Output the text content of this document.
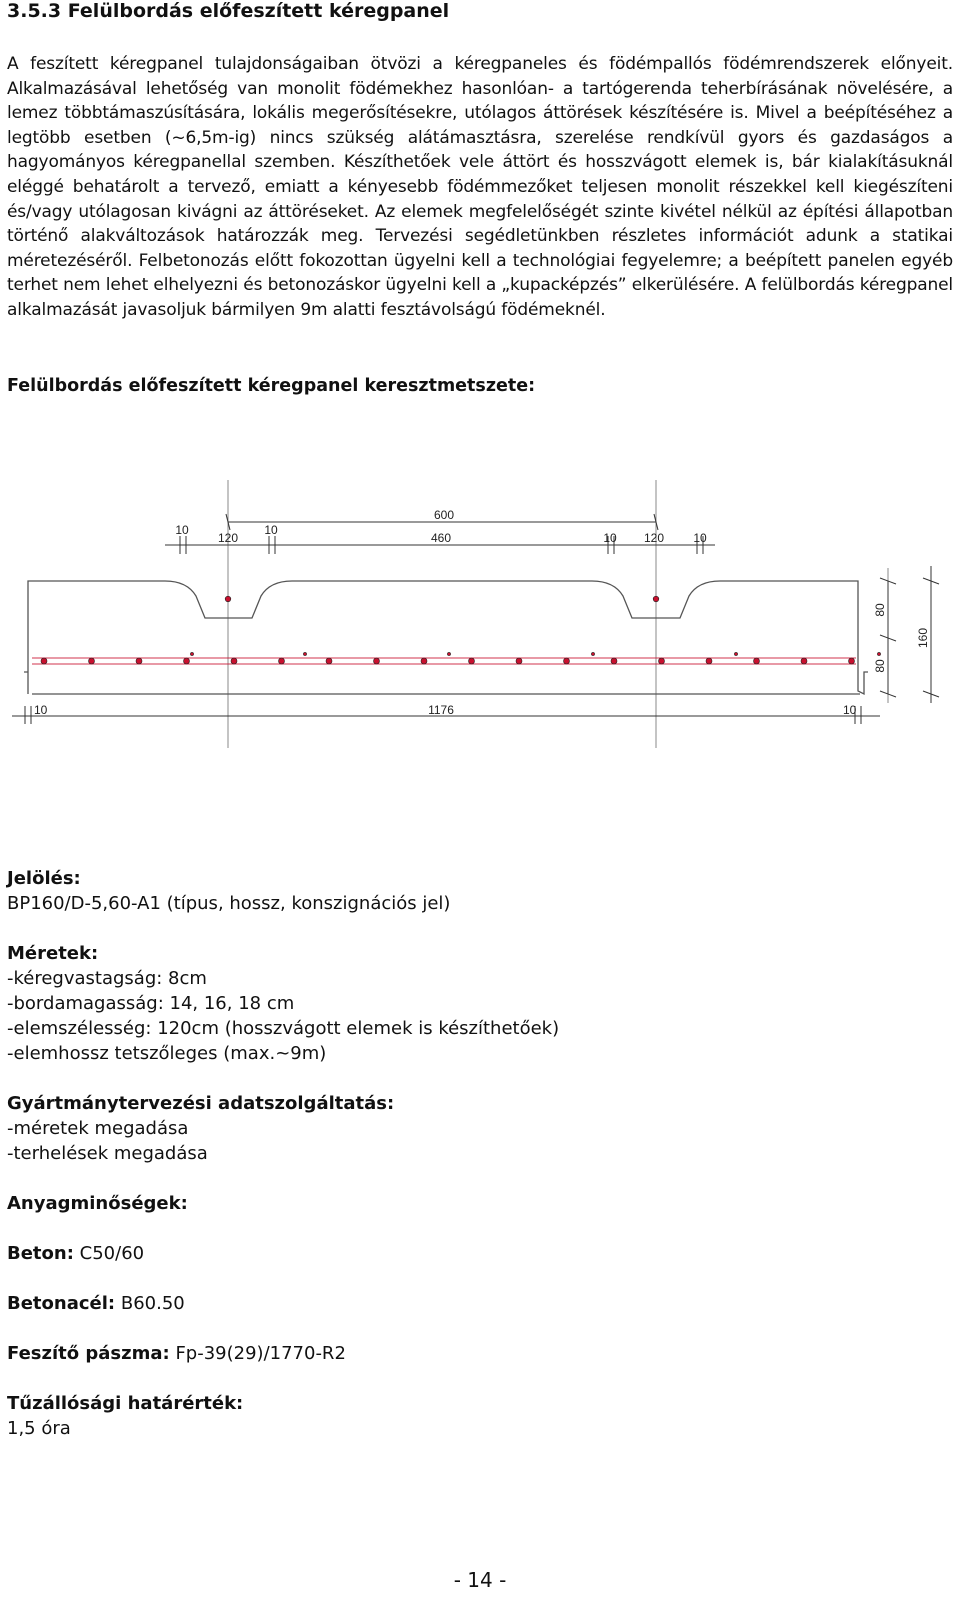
3.5.3 Felülbordás előfeszített kéregpanel
A feszített kéregpanel tulajdonságaiban ötvözi a kéregpaneles és födémpallós födémrendszerek előnyeit. Alkalmazásával lehetőség van monolit födémekhez hasonlóan- a tartógerenda teherbírásának növelésére, a lemez többtámaszúsítására, lokális megerősítésekre, utólagos áttörések készítésére is. Mivel a beépítéséhez a legtöbb esetben (~6,5m-ig) nincs szükség alátámasztásra, szerelése rendkívül gyors és gazdaságos a hagyományos kéregpanellal szemben. Készíthetőek vele áttört és hosszvágott elemek is, bár kialakításuknál eléggé behatárolt a tervező, emiatt a kényesebb födémmezőket teljesen monolit részekkel kell kiegészíteni és/vagy utólagosan kivágni az áttöréseket. Az elemek megfelelőségét szinte kivétel nélkül az építési állapotban történő alakváltozások határozzák meg. Tervezési segédletünkben részletes információt adunk a statikai méretezéséről. Felbetonozás előtt fokozottan ügyelni kell a technológiai fegyelemre; a beépített panelen egyéb terhet nem lehet elhelyezni és betonozáskor ügyelni kell a „kupacképzés” elkerülésére. A felülbordás kéregpanel alkalmazását javasoljuk bármilyen 9m alatti fesztávolságú födémeknél.
Felülbordás előfeszített kéregpanel keresztmetszete:
600
460
10
120
10
10 120 10
10	1176	10
80
80
160
Jelölés:
BP160/D-5,60-A1 (típus, hossz, konszignációs jel)
Méretek:
-kéregvastagság: 8cm
-bordamagasság: 14, 16, 18 cm
-elemszélesség: 120cm (hosszvágott elemek is készíthetőek)
-elemhossz tetszőleges (max.~9m)
Gyártmánytervezési adatszolgáltatás:
-méretek megadása
-terhelések megadása
Anyagminőségek:
Beton: C50/60
Betonacél: B60.50
Feszítő pászma: Fp-39(29)/1770-R2
Tűzállósági határérték:
1,5 óra
- 14 -
